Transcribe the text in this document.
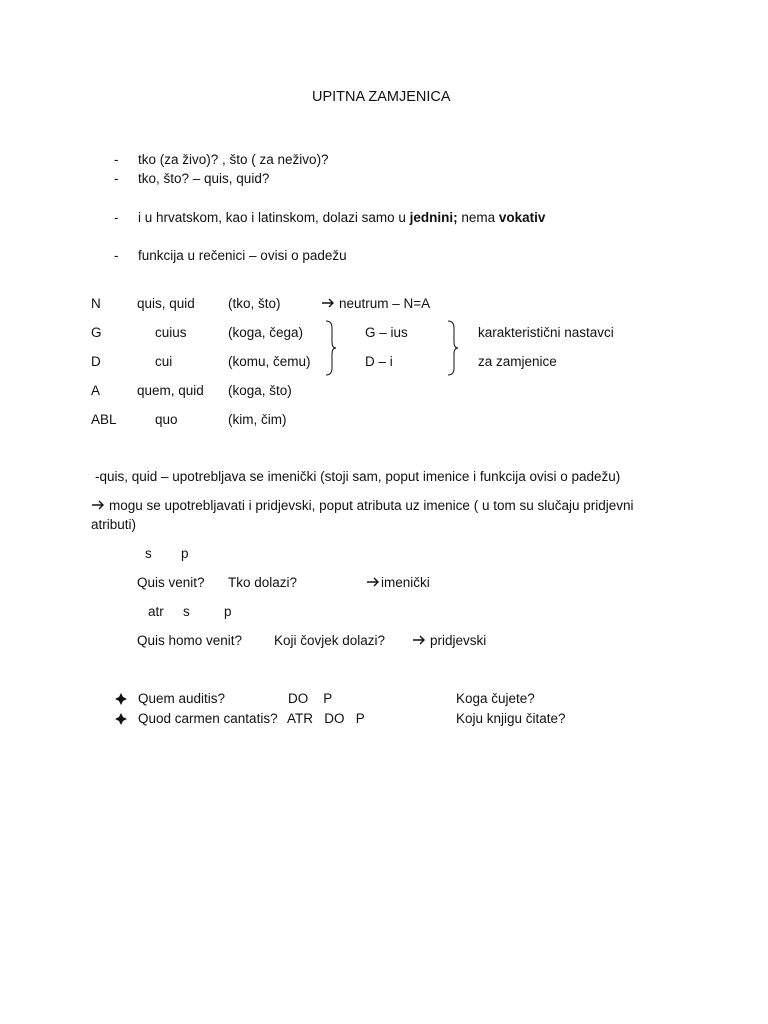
UPITNA ZAMJENICA
- tko (za živo)? , što ( za neživo)?
- tko, što? – quis, quid?
- i u hrvatskom, kao i latinskom, dolazi samo u jednini; nema vokativ
- funkcija u rečenici – ovisi o padežu
N	quis, quid (tko, što)	neutrum – N=A
G	cuius	(koga, čega)	G – ius	karakteristični nastavci
D	cui	(komu, čemu)	D – i	za zamjenice
A	quem, quid (koga, što)
ABL	quo	(kim, čim)
-quis, quid – upotrebljava se imenički (stoji sam, poput imenice i funkcija ovisi o padežu)
mogu se upotrebljavati i pridjevski, poput atributa uz imenice ( u tom su slučaju pridjevni
atributi)
s p
Quis venit? Tko dolazi?	imenički
atr s	p
Quis homo venit? Koji čovjek dolazi?	pridjevski
Quem auditis?	DO    P	Koga čujete?
Quod carmen cantatis? ATR   DO   P	Koju knjigu čitate?
